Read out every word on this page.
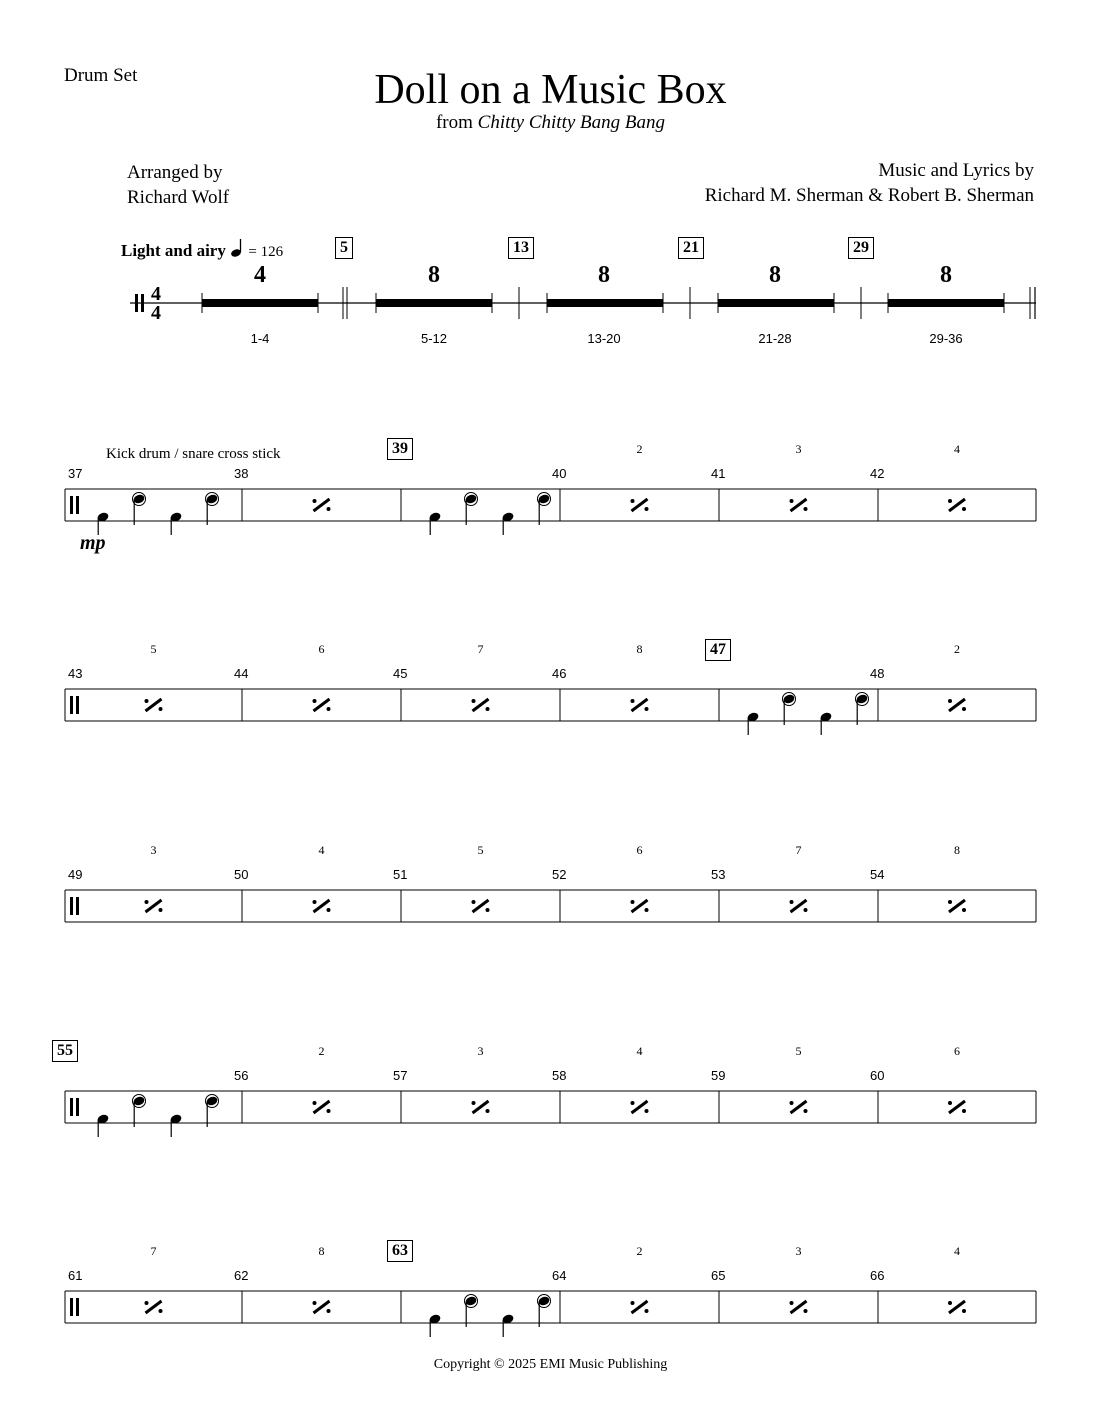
Drum Set	Doll on a Music Box
from Chitty Chitty Bang Bang
Arranged by
Richard Wolf
Music and Lyrics by
Richard M. Sherman & Robert B. Sherman
Light and airy = 126
4
1-4
8
5-12
5
8
13-20
13
8
21-28
21
8
29-36
29
Kick drum / snare cross stick
mp
39
47
55
63
37	38	40
2
41
3
42
4
43
5
44
6
45
7
46
8
48
2
49
3
50
4
51
5
52
6
53
7
54
8
56
2
57
3
58
4
59
5
60
6
61
7
62
8
64
2
65
3
66
4
4
4
Copyright © 2025 EMI Music Publishing
